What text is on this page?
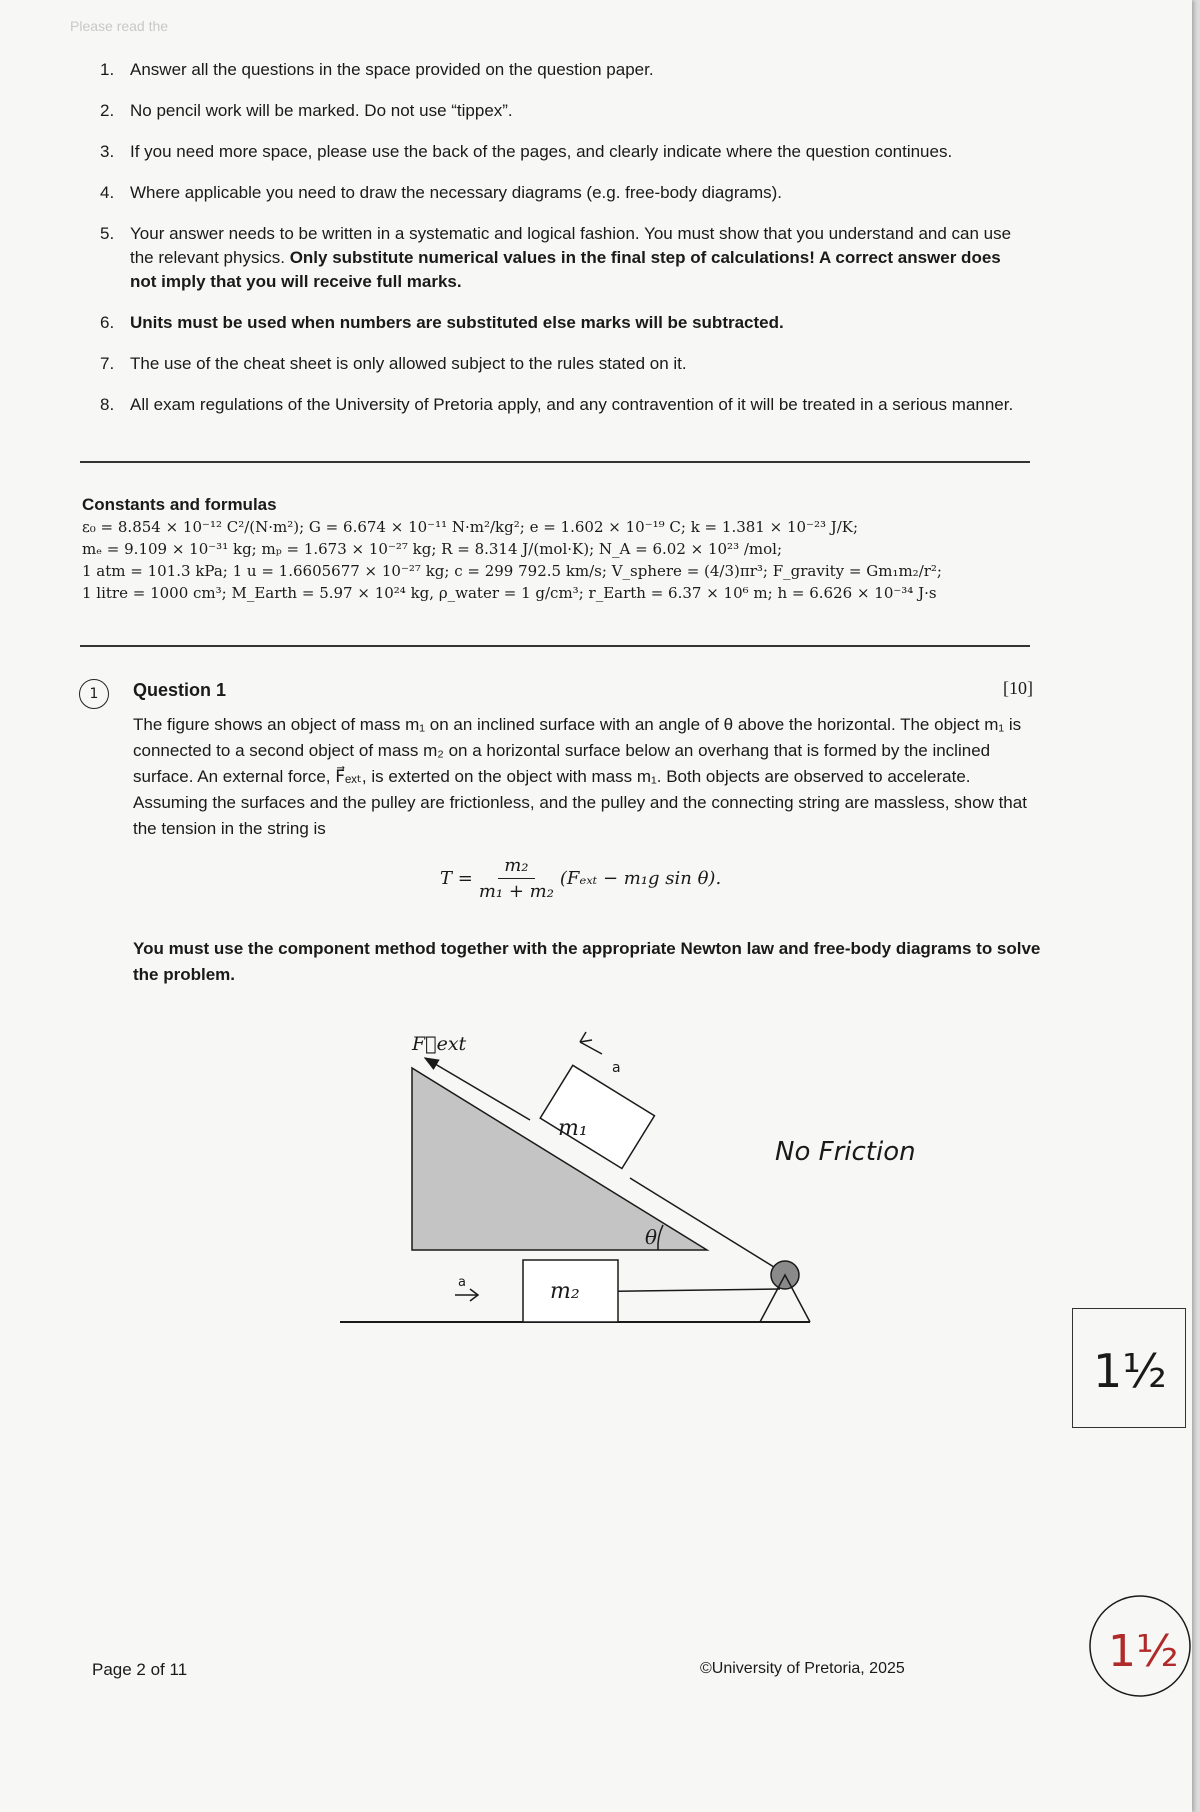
Please read the
1. Answer all the questions in the space provided on the question paper.
2. No pencil work will be marked. Do not use “tippex”.
3. If you need more space, please use the back of the pages, and clearly indicate where the question continues.
4. Where applicable you need to draw the necessary diagrams (e.g. free-body diagrams).
5. Your answer needs to be written in a systematic and logical fashion. You must show that you understand and can use the relevant physics. Only substitute numerical values in the final step of calculations! A correct answer does not imply that you will receive full marks.
6. Units must be used when numbers are substituted else marks will be subtracted.
7. The use of the cheat sheet is only allowed subject to the rules stated on it.
8. All exam regulations of the University of Pretoria apply, and any contravention of it will be treated in a serious manner.
Constants and formulas
ε₀ = 8.854 × 10⁻¹² C²/(N·m²); G = 6.674 × 10⁻¹¹ N·m²/kg²; e = 1.602 × 10⁻¹⁹ C; k = 1.381 × 10⁻²³ J/K;
mₑ = 9.109 × 10⁻³¹ kg; mₚ = 1.673 × 10⁻²⁷ kg; R = 8.314 J/(mol·K); N_A = 6.02 × 10²³ /mol;
1 atm = 101.3 kPa; 1 u = 1.6605677 × 10⁻²⁷ kg; c = 299 792.5 km/s; V_sphere = (4/3)πr³; F_gravity = Gm₁m₂/r²;
1 litre = 1000 cm³; M_Earth = 5.97 × 10²⁴ kg, ρ_water = 1 g/cm³; r_Earth = 6.37 × 10⁶ m; h = 6.626 × 10⁻³⁴ J·s
1	Question 1	[10]
The figure shows an object of mass m₁ on an inclined surface with an angle of θ above the horizontal. The object m₁ is connected to a second object of mass m₂ on a horizontal surface below an overhang that is formed by the inclined surface. An external force, F⃗ₑₓₜ, is exterted on the object with mass m₁. Both objects are observed to accelerate. Assuming the surfaces and the pulley are frictionless, and the pulley and the connecting string are massless, show that the tension in the string is
$T = \frac{\text{m₂}}{\text{m₁ + m₂}} (F_{ext} - m_1g$ sin θ).
You must use the component method together with the appropriate Newton law and free-body diagrams to solve the problem.
θ
m₁
F⃗ext
a
m₂
a
No Friction
1½
1½
Page 2 of 11	©University of Pretoria, 2025
